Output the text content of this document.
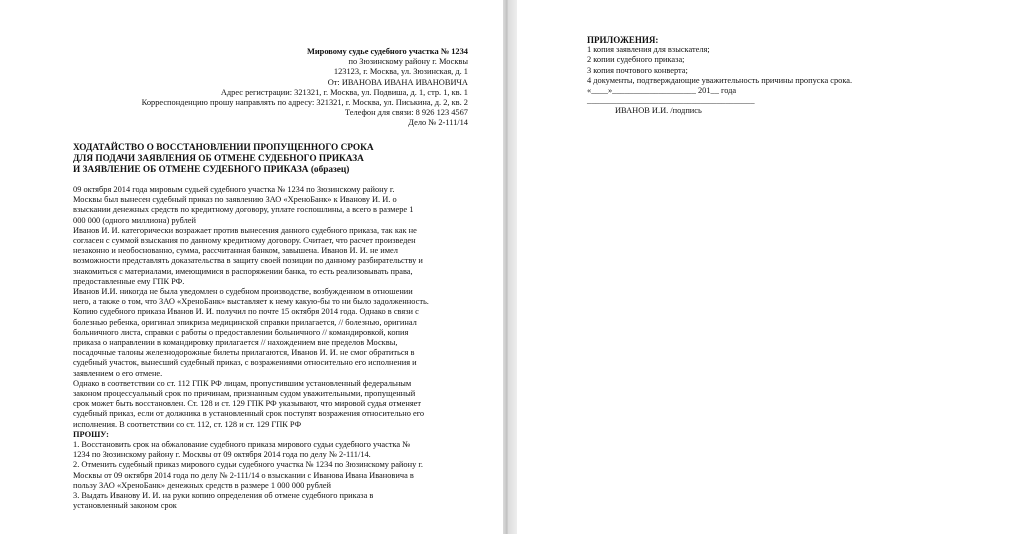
Мировому судье судебного участка № 1234
по Зюзинскому району г. Москвы
123123, г. Москва, ул. Зюзинская, д. 1
От: ИВАНОВА ИВАНА ИВАНОВИЧА
Адрес регистрации: 321321, г. Москва, ул. Подвиша, д. 1, стр. 1, кв. 1
Корреспонденцию прошу направлять по адресу: 321321, г. Москва, ул. Писькина, д. 2, кв. 2
Телефон для связи: 8 926 123 4567
Дело № 2-111/14
ХОДАТАЙСТВО О ВОССТАНОВЛЕНИИ ПРОПУЩЕННОГО СРОКА
ДЛЯ ПОДАЧИ ЗАЯВЛЕНИЯ ОБ ОТМЕНЕ СУДЕБНОГО ПРИКАЗА
И ЗАЯВЛЕНИЕ ОБ ОТМЕНЕ СУДЕБНОГО ПРИКАЗА (образец)
09 октября 2014 года мировым судьей судебного участка № 1234 по Зюзинскому району г.
Москвы был вынесен судебный приказ по заявлению ЗАО «ХреноБанк» к Иванову И. И. о
взыскании денежных средств по кредитному договору, уплате госпошлины, а всего в размере 1
000 000 (одного миллиона) рублей
Иванов И. И. категорически возражает против вынесения данного судебного приказа, так как не
согласен с суммой взыскания по данному кредитному договору. Считает, что расчет произведен
незаконно и необоснованно, сумма, рассчитанная банком, завышена. Иванов И. И. не имел
возможности представлять доказательства в защиту своей позиции по данному разбирательству и
знакомиться с материалами, имеющимися в распоряжении банка, то есть реализовывать права,
предоставленные ему ГПК РФ.
Иванов И.И. никогда не была уведомлен о судебном производстве, возбужденном в отношении
него, а также о том, что ЗАО «ХреноБанк» выставляет к нему какую-бы то ни было задолженность.
Копию судебного приказа Иванов И. И. получил по почте 15 октября 2014 года. Однако в связи с
болезнью ребенка, оригинал эпикриза медицинской справки прилагается, // болезнью, оригинал
больничного листа, справки с работы о предоставлении больничного // командировкой, копия
приказа о направлении в командировку прилагается // нахождением вне пределов Москвы,
посадочные талоны железнодорожные билеты прилагаются, Иванов И. И. не смог обратиться в
судебный участок, вынесший судебный приказ, с возражениями относительно его исполнения и
заявлением о его отмене.
Однако в соответствии со ст. 112 ГПК РФ лицам, пропустившим установленный федеральным
законом процессуальный срок по причинам, признанным судом уважительными, пропущенный
срок может быть восстановлен. Ст. 128 и ст. 129 ГПК РФ указывают, что мировой судья отменяет
судебный приказ, если от должника в установленный срок поступят возражения относительно его
исполнения. В соответствии со ст. 112, ст. 128 и ст. 129 ГПК РФ
ПРОШУ:
1. Восстановить срок на обжалование судебного приказа мирового судьи судебного участка №
1234 по Зюзинскому району г. Москвы от 09 октября 2014 года по делу № 2-111/14.
2. Отменить судебный приказ мирового судьи судебного участка № 1234 по Зюзинскому району г.
Москвы от 09 октября 2014 года по делу № 2-111/14 о взыскании с Иванова Ивана Ивановича в
пользу ЗАО «ХреноБанк» денежных средств в размере 1 000 000 рублей
3. Выдать Иванову И. И. на руки копию определения об отмене судебного приказа в
установленный законом срок
ПРИЛОЖЕНИЯ:
1 копия заявления для взыскателя;
2 копии судебного приказа;
3 копия почтового конверта;
4 документы, подтверждающие уважительность причины пропуска срока.
«____»____________________ 201__ года
________________________________________
ИВАНОВ И.И. /подпись
